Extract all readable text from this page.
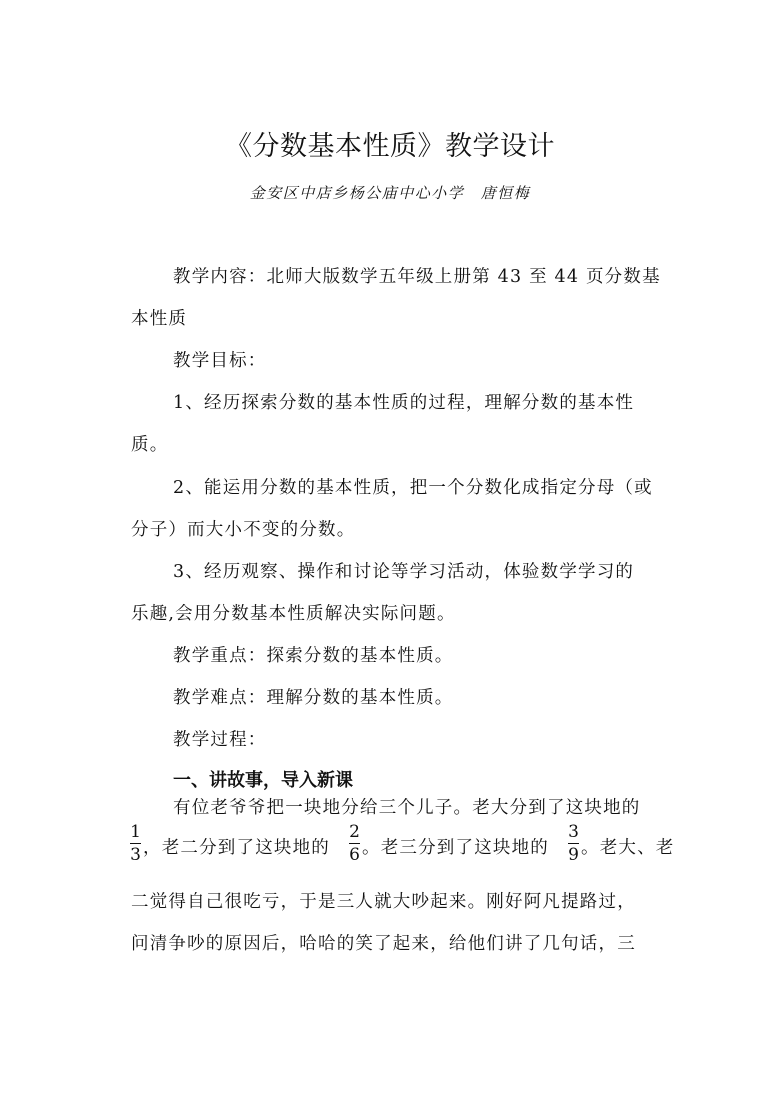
《分数基本性质》教学设计
金安区中店乡杨公庙中心小学　唐恒梅
教学内容：北师大版数学五年级上册第 43 至 44 页分数基
本性质
教学目标：
1、经历探索分数的基本性质的过程，理解分数的基本性
质。
2、能运用分数的基本性质，把一个分数化成指定分母（或
分子）而大小不变的分数。
3、经历观察、操作和讨论等学习活动，体验数学学习的
乐趣,会用分数基本性质解决实际问题。
教学重点：探索分数的基本性质。
教学难点：理解分数的基本性质。
教学过程：
一、讲故事，导入新课
有位老爷爷把一块地分给三个儿子。老大分到了这块地的
1
3 ，老二分到了这块地的
2
6 。老三分到了这块地的
3
9 。老大、老
二觉得自己很吃亏，于是三人就大吵起来。刚好阿凡提路过，
问清争吵的原因后，哈哈的笑了起来，给他们讲了几句话，三
